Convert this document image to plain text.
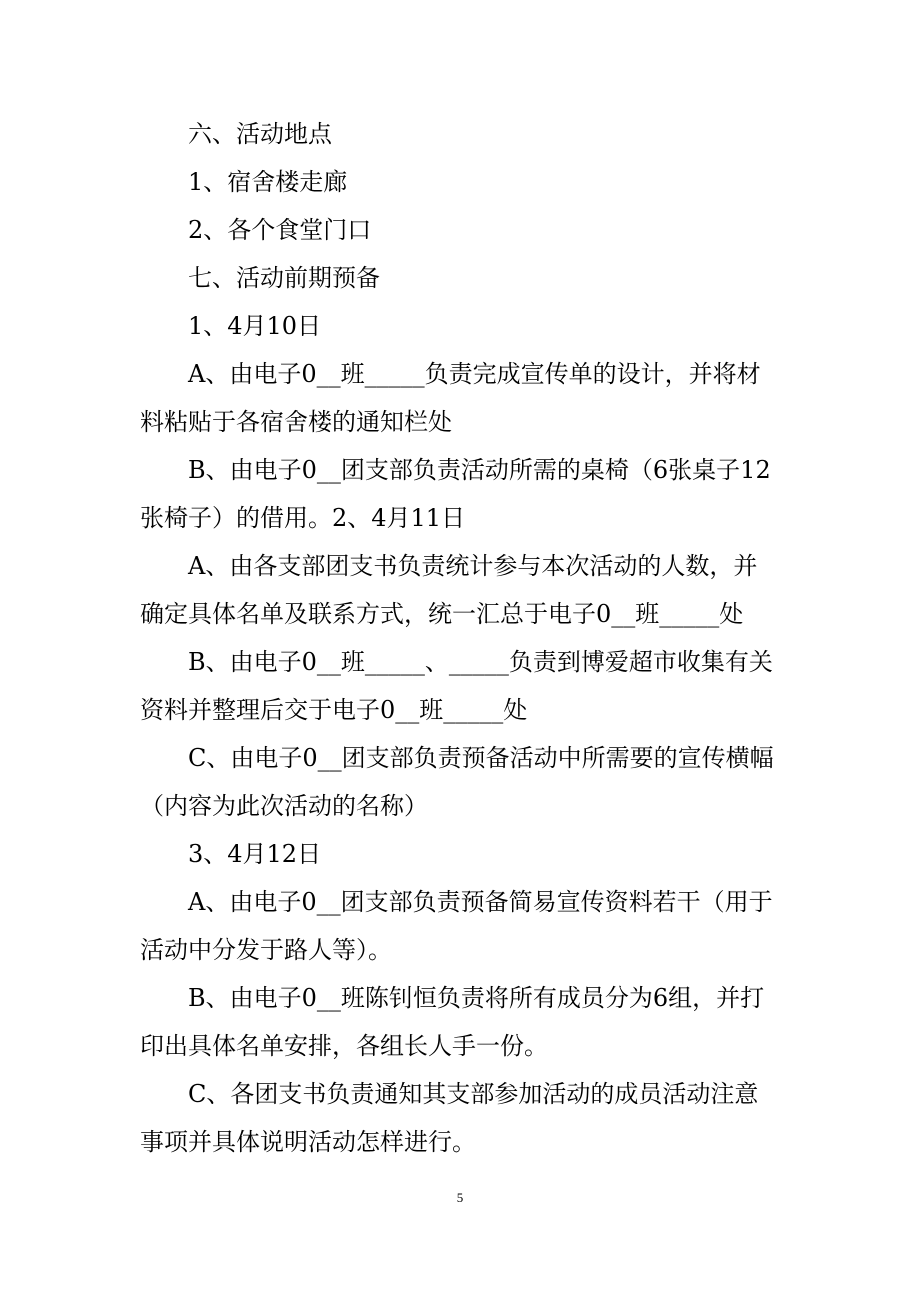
六、活动地点

1、宿舍楼走廊

2、各个食堂门口

七、活动前期预备

1、4月10日

A、由电子0__班_____负责完成宣传单的设计，并将材料粘贴于各宿舍楼的通知栏处

B、由电子0__团支部负责活动所需的桌椅（6张桌子12张椅子）的借用。2、4月11日

A、由各支部团支书负责统计参与本次活动的人数，并确定具体名单及联系方式，统一汇总于电子0__班_____处

B、由电子0__班_____、_____负责到博爱超市收集有关资料并整理后交于电子0__班_____处

C、由电子0__团支部负责预备活动中所需要的宣传横幅（内容为此次活动的名称）

3、4月12日

A、由电子0__团支部负责预备简易宣传资料若干（用于活动中分发于路人等）。

B、由电子0__班陈钊恒负责将所有成员分为6组，并打印出具体名单安排，各组长人手一份。

C、各团支书负责通知其支部参加活动的成员活动注意事项并具体说明活动怎样进行。

5
